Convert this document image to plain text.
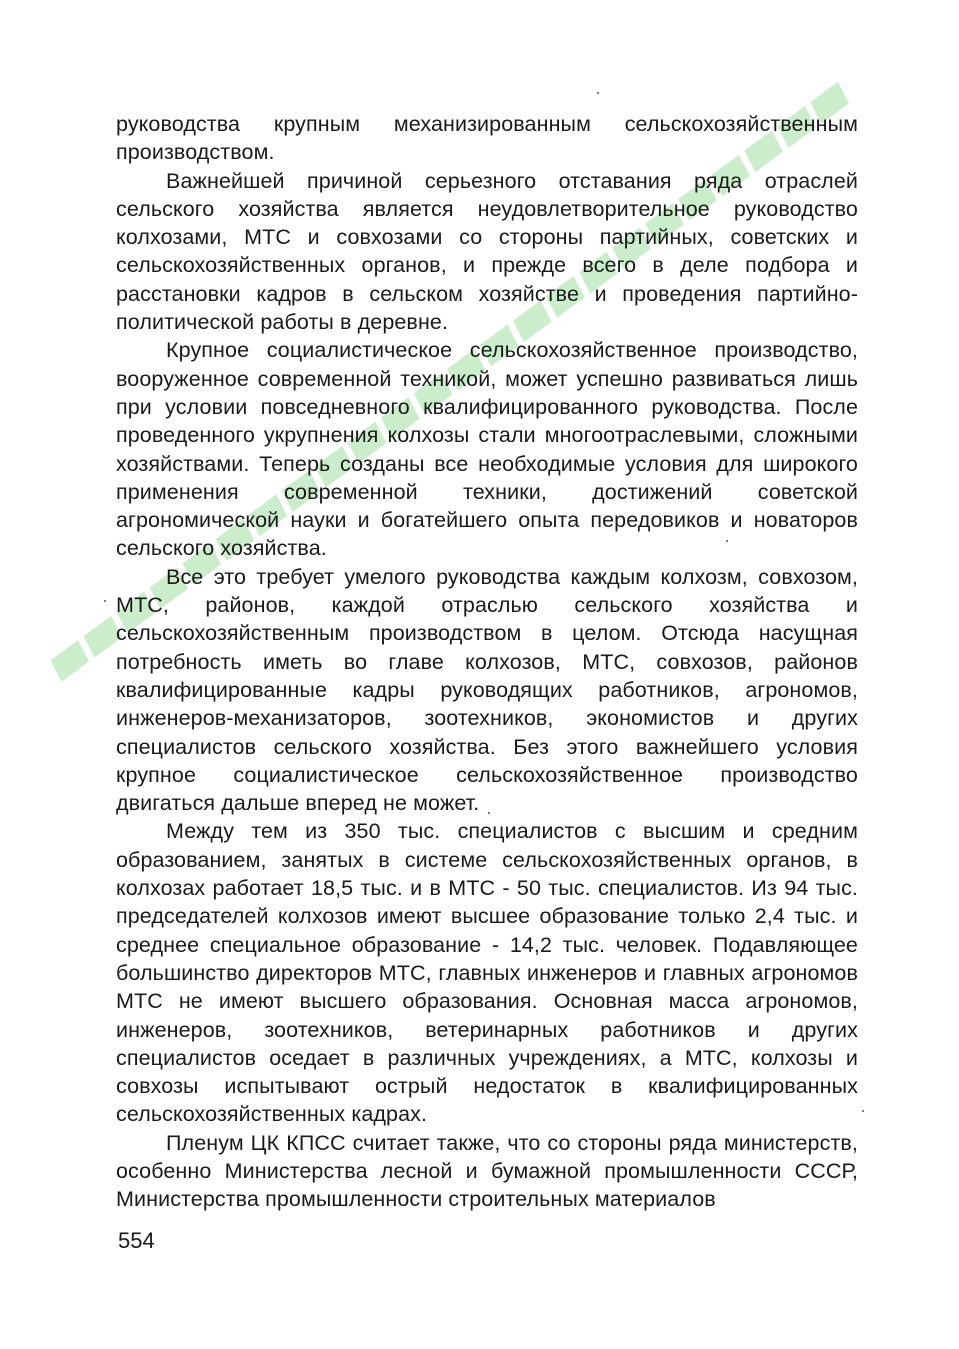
руководства крупным механизированным сельскохозяйственным производством.

Важнейшей причиной серьезного отставания ряда отраслей сельского хозяйства является неудовлетворительное руководство колхозами, МТС и совхозами со стороны партийных, советских и сельскохозяйственных органов, и прежде всего в деле подбора и расстановки кадров в сельском хозяйстве и проведения партийно-политической работы в деревне.

Крупное социалистическое сельскохозяйственное производство, вооруженное современной техникой, может успешно развиваться лишь при условии повседневного квалифицированного руководства. После проведенного укрупнения колхозы стали многоотраслевыми, сложными хозяйствами. Теперь созданы все необходимые условия для широкого применения современной техники, достижений советской агрономической науки и богатейшего опыта передовиков и новаторов сельского хозяйства.

Все это требует умелого руководства каждым колхозм, совхозом, МТС, районов, каждой отраслью сельского хозяйства и сельскохозяйственным производством в целом. Отсюда насущная потребность иметь во главе колхозов, МТС, совхозов, районов квалифицированные кадры руководящих работников, агрономов, инженеров-механизаторов, зоотехников, экономистов и других специалистов сельского хозяйства. Без этого важнейшего условия крупное социалистическое сельскохозяйственное производство двигаться дальше вперед не может.

Между тем из 350 тыс. специалистов с высшим и средним образованием, занятых в системе сельскохозяйственных органов, в колхозах работает 18,5 тыс. и в МТС - 50 тыс. специалистов. Из 94 тыс. председателей колхозов имеют высшее образование только 2,4 тыс. и среднее специальное образование - 14,2 тыс. человек. Подавляющее большинство директоров МТС, главных инженеров и главных агрономов МТС не имеют высшего образования. Основная масса агрономов, инженеров, зоотехников, ветеринарных работников и других специалистов оседает в различных учреждениях, а МТС, колхозы и совхозы испытывают острый недостаток в квалифицированных сельскохозяйственных кадрах.

Пленум ЦК КПСС считает также, что со стороны ряда министерств, особенно Министерства лесной и бумажной промышленности СССР, Министерства промышленности строительных материалов

554
